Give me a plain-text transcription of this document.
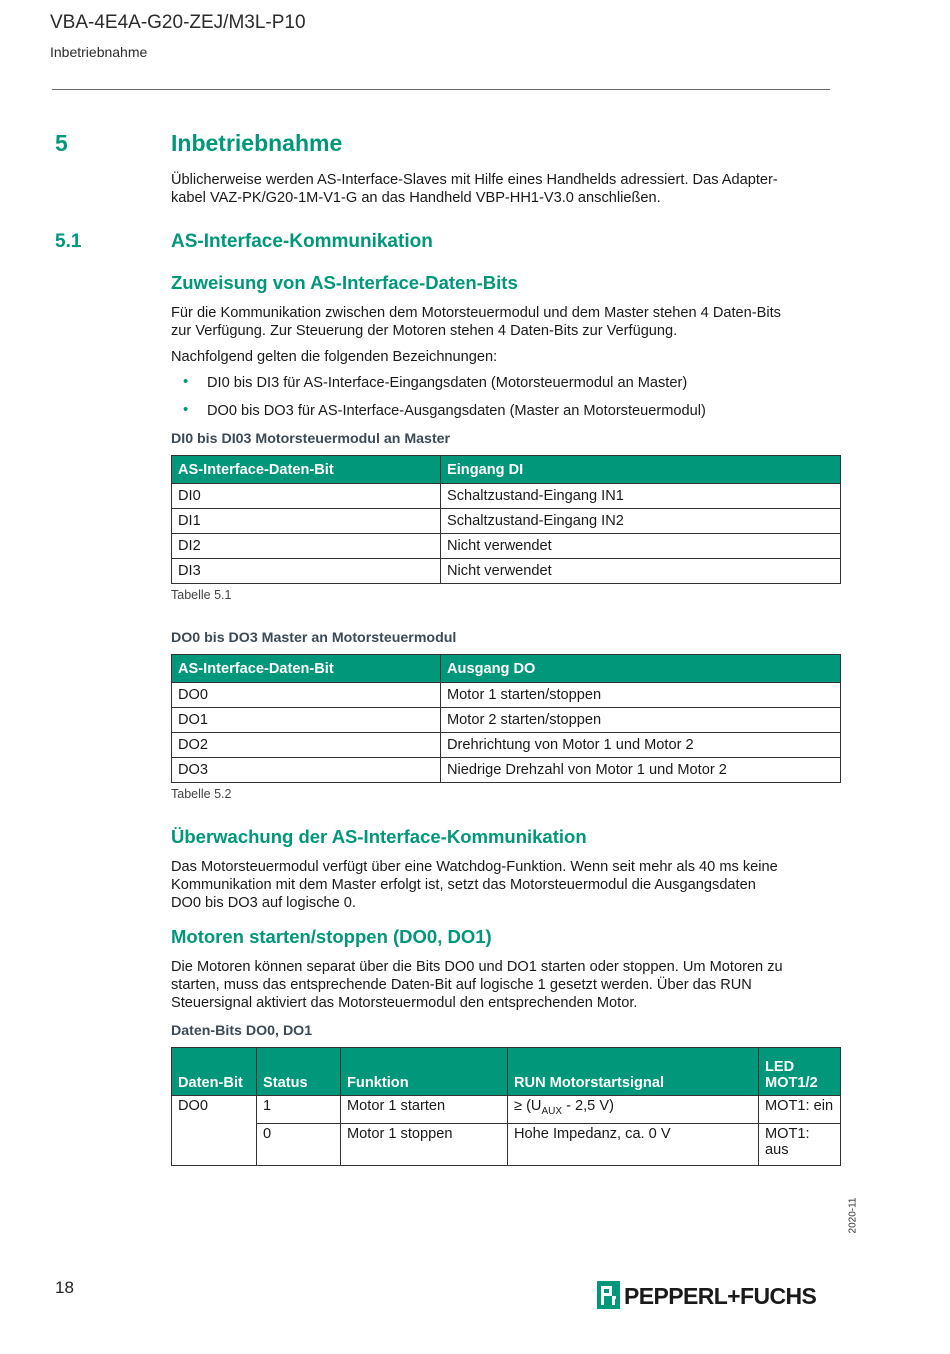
VBA-4E4A-G20-ZEJ/M3L-P10
Inbetriebnahme
5	Inbetriebnahme
Üblicherweise werden AS-Interface-Slaves mit Hilfe eines Handhelds adressiert. Das Adapter-
kabel VAZ-PK/G20-1M-V1-G an das Handheld VBP-HH1-V3.0 anschließen.
5.1	AS-Interface-Kommunikation
Zuweisung von AS-Interface-Daten-Bits
Für die Kommunikation zwischen dem Motorsteuermodul und dem Master stehen 4 Daten-Bits
zur Verfügung. Zur Steuerung der Motoren stehen 4 Daten-Bits zur Verfügung.
Nachfolgend gelten die folgenden Bezeichnungen:
• DI0 bis DI3 für AS-Interface-Eingangsdaten (Motorsteuermodul an Master)
• DO0 bis DO3 für AS-Interface-Ausgangsdaten (Master an Motorsteuermodul)
DI0 bis DI03 Motorsteuermodul an Master
AS-Interface-Daten-Bit	Eingang DI
DI0	Schaltzustand-Eingang IN1
DI1	Schaltzustand-Eingang IN2
DI2	Nicht verwendet
DI3	Nicht verwendet
Tabelle 5.1
DO0 bis DO3 Master an Motorsteuermodul
AS-Interface-Daten-Bit	Ausgang DO
DO0	Motor 1 starten/stoppen
DO1	Motor 2 starten/stoppen
DO2	Drehrichtung von Motor 1 und Motor 2
DO3	Niedrige Drehzahl von Motor 1 und Motor 2
Tabelle 5.2
Überwachung der AS-Interface-Kommunikation
Das Motorsteuermodul verfügt über eine Watchdog-Funktion. Wenn seit mehr als 40 ms keine
Kommunikation mit dem Master erfolgt ist, setzt das Motorsteuermodul die Ausgangsdaten
DO0 bis DO3 auf logische 0.
Motoren starten/stoppen (DO0, DO1)
Die Motoren können separat über die Bits DO0 und DO1 starten oder stoppen. Um Motoren zu
starten, muss das entsprechende Daten-Bit auf logische 1 gesetzt werden. Über das RUN
Steuersignal aktiviert das Motorsteuermodul den entsprechenden Motor.
Daten-Bits DO0, DO1
Daten-Bit	Status	Funktion	RUN Motorstartsignal	LED
MOT1/2

DO0	1	Motor 1 starten	≥ ($U_{AUX} - 2,5$ V)	MOT1: ein
	0	Motor 1 stoppen	Hohe Impedanz, ca. 0 V	MOT1:
aus
2020-11
18	PEPPERL+FUCHS
